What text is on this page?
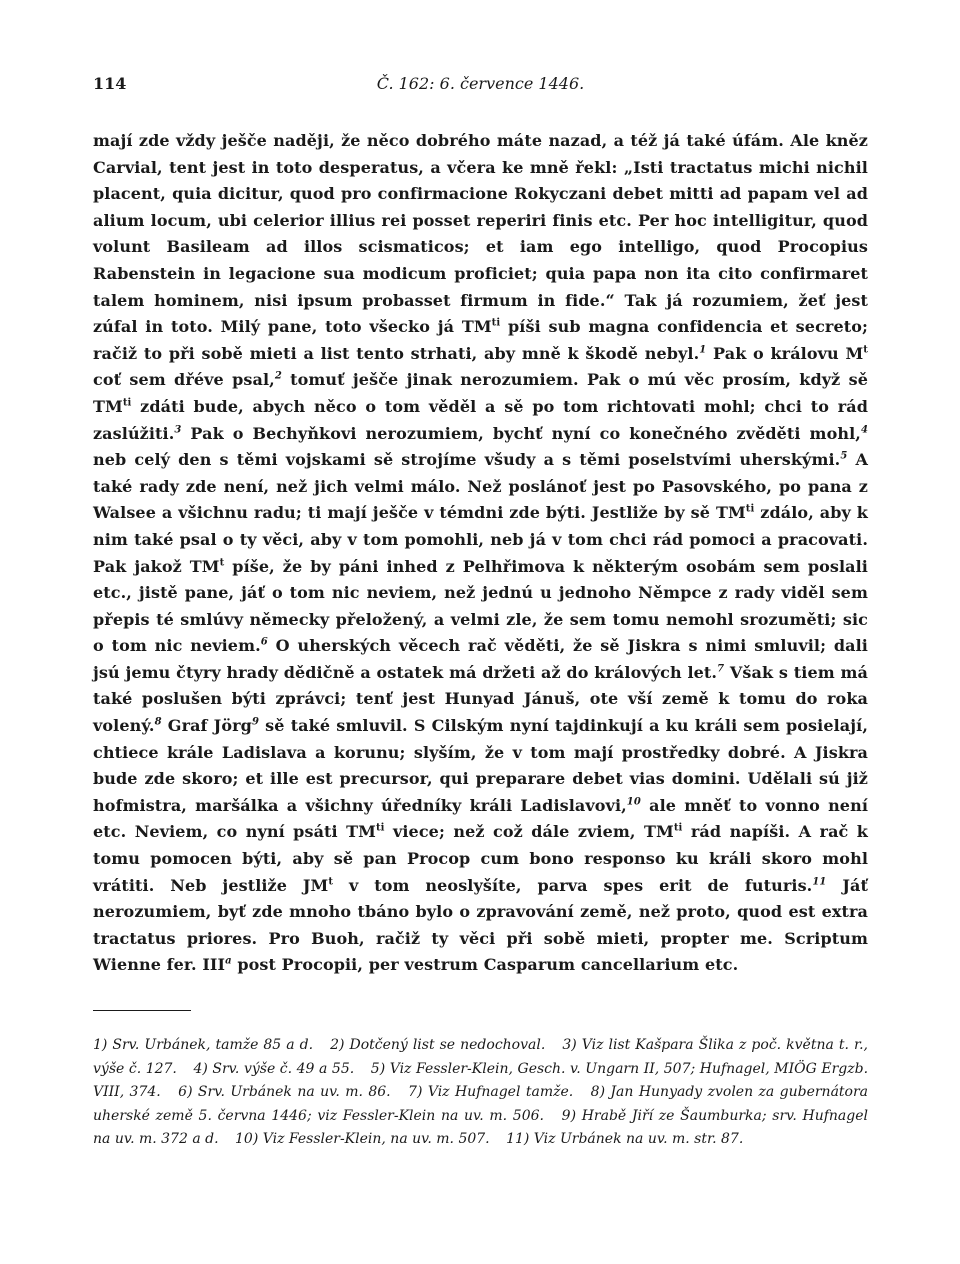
114	Č. 162: 6. července 1446.
mají zde vždy ješče naději, že něco dobrého máte nazad, a též já také úfám. Ale kněz Carvial, tent jest in toto desperatus, a včera ke mně řekl: „Isti tractatus michi nichil placent, quia dicitur, quod pro confirmacione Rokyczani debet mitti ad papam vel ad alium locum, ubi celerior illius rei posset reperiri finis etc. Per hoc intelligitur, quod volunt Basileam ad illos scismaticos; et iam ego intelligo, quod Procopius Rabenstein in legacione sua modicum proficiet; quia papa non ita cito confirmaret talem hominem, nisi ipsum probasset firmum in fide.“ Tak já rozumiem, žeť jest zúfal in toto. Milý pane, toto všecko já $TM^{ti}$ píši sub magna confidencia et secreto; račiž to při sobě mieti a list tento strhati, aby mně k škodě nebyl.$^1$ Pak o královu $M^t$ coť sem dřéve psal,$^2$ tomuť ješče jinak nerozumiem. Pak o mú věc prosím, když sě $TM^{ti}$ zdáti bude, abych něco o tom věděl a sě po tom richtovati mohl; chci to rád zaslúžiti.$^3$ Pak o Bechyňkovi nerozumiem, bychť nyní co konečného zvěděti mohl,$^4$ neb celý den s těmi vojskami sě strojíme všudy a s těmi poselstvími uherskými.$^5$ A také rady zde není, než jich velmi málo. Než poslánoť jest po Pasovského, po pana z Walsee a všichnu radu; ti mají ješče v témdni zde býti. Jestliže by sě $TM^{ti}$ zdálo, aby k nim také psal o ty věci, aby v tom pomohli, neb já v tom chci rád pomoci a pracovati. Pak jakož $TM^t$ píše, že by páni inhed z Pelhřimova k některým osobám sem poslali etc., jistě pane, jáť o tom nic neviem, než jednú u jednoho Němpce z rady viděl sem přepis té smlúvy německy přeložený, a velmi zle, že sem tomu nemohl srozuměti; sic o tom nic neviem.$^6$ O uherských věcech rač věděti, že sě Jiskra s nimi smluvil; dali jsú jemu čtyry hrady dědičně a ostatek má držeti až do králových let.$^7$ Však s tiem má také poslušen býti zprávci; tenť jest Hunyad Jánuš, ote vší země k tomu do roka volený.$^8$ Graf Jörg$^9$ sě také smluvil. S Cilským nyní tajdinkují a ku králi sem posielají, chtiece krále Ladislava a korunu; slyším, že v tom mají prostředky dobré. A Jiskra bude zde skoro; et ille est precursor, qui preparare debet vias domini. Udělali sú již hofmistra, maršálka a všichny úředníky králi Ladislavovi,$^{10}$ ale mněť to vonno není etc. Neviem, co nyní psáti $TM^{ti}$ viece; než což dále zviem, $TM^{ti}$ rád napíši. A rač k tomu pomocen býti, aby sě pan Procop cum bono responso ku králi skoro mohl vrátiti. Neb jestliže $JM^t$ v tom neoslyšíte, parva spes erit de futuris.$^{11}$ Jáť nerozumiem, byť zde mnoho tbáno bylo o zpravování země, než proto, quod est extra tractatus priores. Pro Buoh, račiž ty věci při sobě mieti, propter me. Scriptum Wienne fer. III$^a$ post Procopii, per vestrum Casparum cancellarium etc.
1) Srv. Urbánek, tamže 85 a d. 2) Dotčený list se nedochoval. 3) Viz list Kašpara Šlika z poč. května t. r., výše č. 127. 4) Srv. výše č. 49 a 55. 5) Viz Fessler-Klein, Gesch. v. Ungarn II, 507; Hufnagel, MIÖG Ergzb. VIII, 374. 6) Srv. Urbánek na uv. m. 86. 7) Viz Hufnagel tamže. 8) Jan Hunyady zvolen za gubernátora uherské země 5. června 1446; viz Fessler-Klein na uv. m. 506. 9) Hrabě Jiří ze Šaumburka; srv. Hufnagel na uv. m. 372 a d. 10) Viz Fessler-Klein, na uv. m. 507. 11) Viz Urbánek na uv. m. str. 87.
